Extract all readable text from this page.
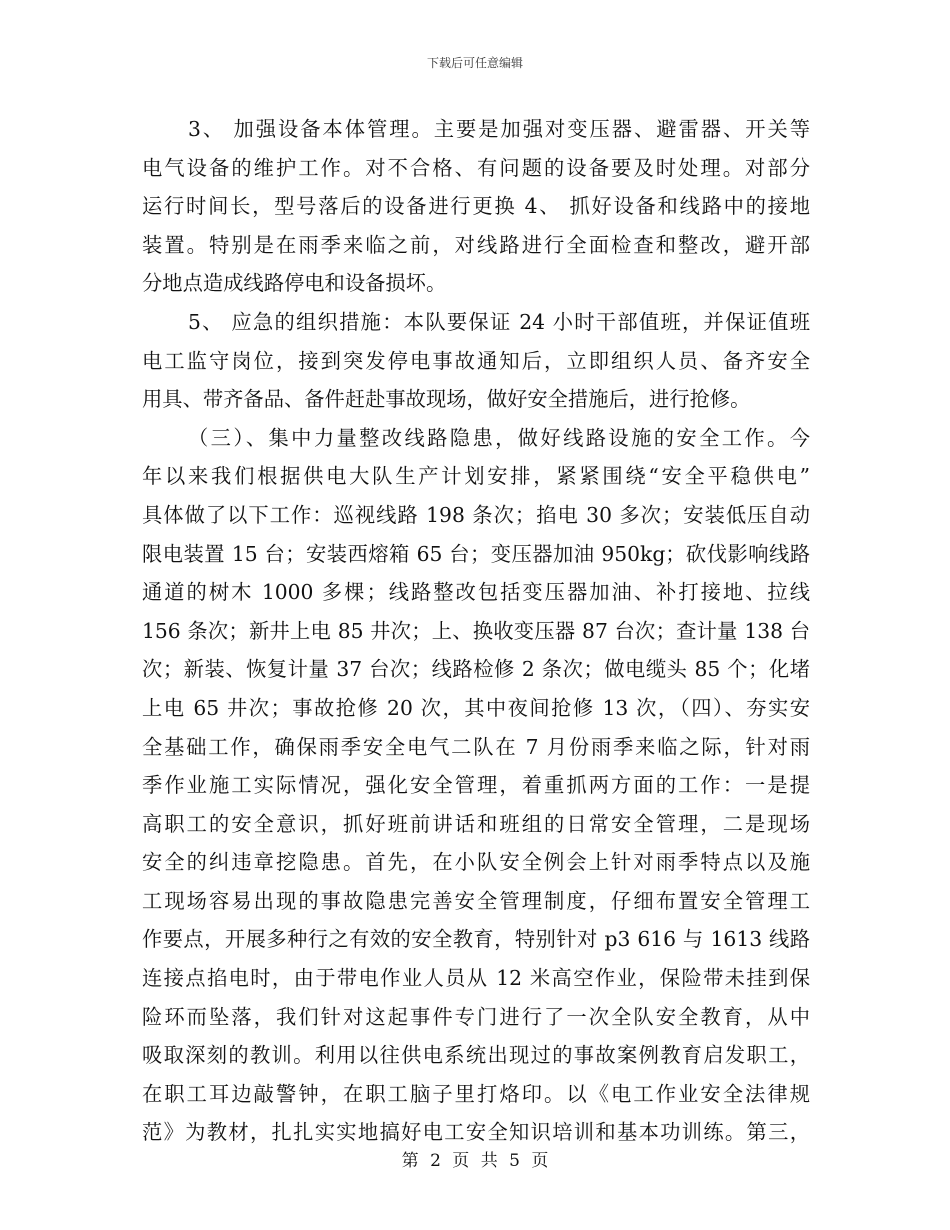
下载后可任意编辑
3、 加强设备本体管理。主要是加强对变压器、避雷器、开关等
电气设备的维护工作。对不合格、有问题的设备要及时处理。对部分
运行时间长，型号落后的设备进行更换 4、 抓好设备和线路中的接地
装置。特别是在雨季来临之前，对线路进行全面检查和整改，避开部
分地点造成线路停电和设备损坏。
5、 应急的组织措施：本队要保证 24 小时干部值班，并保证值班
电工监守岗位，接到突发停电事故通知后，立即组织人员、备齐安全
用具、带齐备品、备件赶赴事故现场，做好安全措施后，进行抢修。
（三）、集中力量整改线路隐患，做好线路设施的安全工作。今
年以来我们根据供电大队生产计划安排，紧紧围绕“安全平稳供电”
具体做了以下工作：巡视线路 198 条次；掐电 30 多次；安装低压自动
限电装置 15 台；安装西熔箱 65 台；变压器加油 950kg；砍伐影响线路
通道的树木 1000 多棵；线路整改包括变压器加油、补打接地、拉线
156 条次；新井上电 85 井次；上、换收变压器 87 台次；查计量 138 台
次；新装、恢复计量 37 台次；线路检修 2 条次；做电缆头 85 个；化堵
上电 65 井次；事故抢修 20 次，其中夜间抢修 13 次，（四）、夯实安
全基础工作，确保雨季安全电气二队在 7 月份雨季来临之际，针对雨
季作业施工实际情况，强化安全管理，着重抓两方面的工作：一是提
高职工的安全意识，抓好班前讲话和班组的日常安全管理，二是现场
安全的纠违章挖隐患。首先，在小队安全例会上针对雨季特点以及施
工现场容易出现的事故隐患完善安全管理制度，仔细布置安全管理工
作要点，开展多种行之有效的安全教育，特别针对 p3 616 与 1613 线路
连接点掐电时，由于带电作业人员从 12 米高空作业，保险带未挂到保
险环而坠落，我们针对这起事件专门进行了一次全队安全教育，从中
吸取深刻的教训。利用以往供电系统出现过的事故案例教育启发职工，
在职工耳边敲警钟，在职工脑子里打烙印。以《电工作业安全法律规
范》为教材，扎扎实实地搞好电工安全知识培训和基本功训练。第三，
第 2 页 共 5 页
